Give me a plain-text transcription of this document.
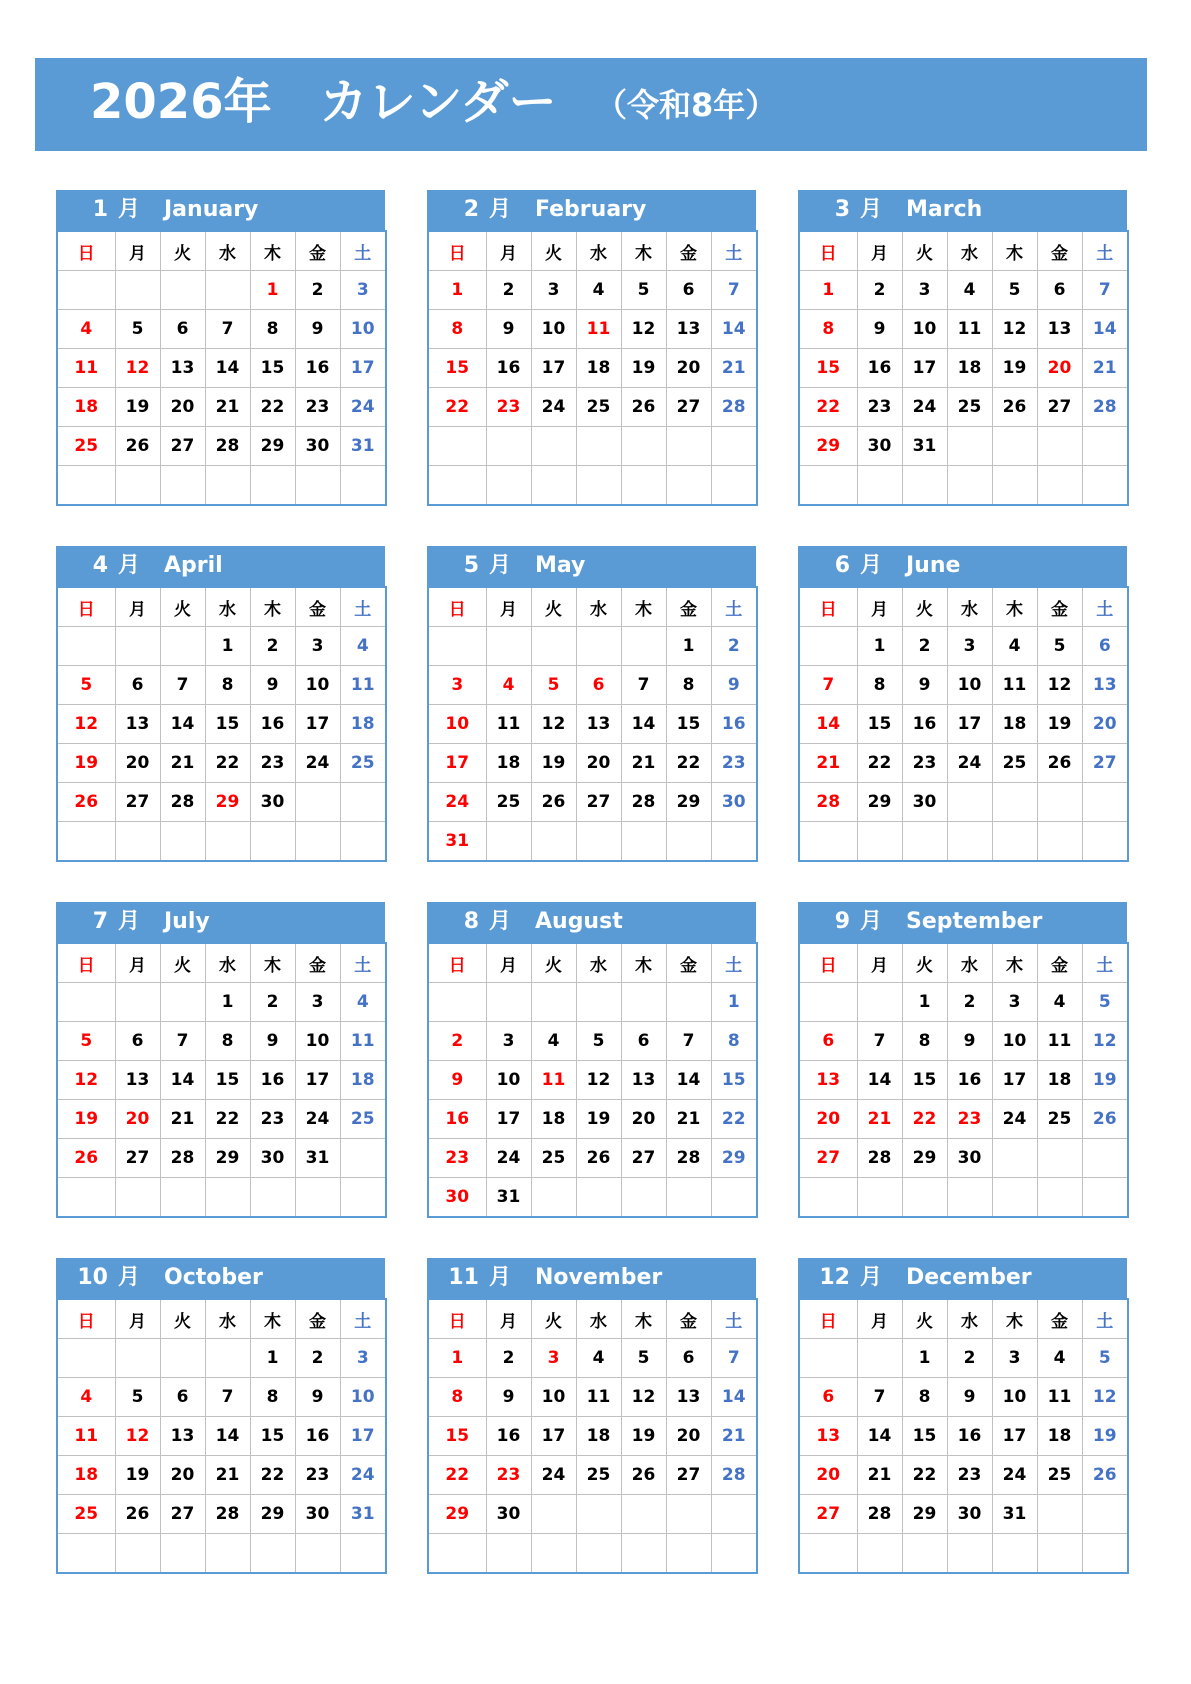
2026年　カレンダー （令和8年）
1 月 January
日	月	火	水	木	金	土
				1	2	3
4	5	6	7	8	9	10
11	12	13	14	15	16	17
18	19	20	21	22	23	24
25	26	27	28	29	30	31

2 月 February
日	月	火	水	木	金	土
1	2	3	4	5	6	7
8	9	10	11	12	13	14
15	16	17	18	19	20	21
22	23	24	25	26	27	28

3 月 March
日	月	火	水	木	金	土
1	2	3	4	5	6	7
8	9	10	11	12	13	14
15	16	17	18	19	20	21
22	23	24	25	26	27	28
29	30	31				

4 月 April
日	月	火	水	木	金	土
			1	2	3	4
5	6	7	8	9	10	11
12	13	14	15	16	17	18
19	20	21	22	23	24	25
26	27	28	29	30		

5 月 May
日	月	火	水	木	金	土
					1	2
3	4	5	6	7	8	9
10	11	12	13	14	15	16
17	18	19	20	21	22	23
24	25	26	27	28	29	30
31						
6 月 June
日	月	火	水	木	金	土
	1	2	3	4	5	6
7	8	9	10	11	12	13
14	15	16	17	18	19	20
21	22	23	24	25	26	27
28	29	30				

7 月 July
日	月	火	水	木	金	土
			1	2	3	4
5	6	7	8	9	10	11
12	13	14	15	16	17	18
19	20	21	22	23	24	25
26	27	28	29	30	31	

8 月 August
日	月	火	水	木	金	土
						1
2	3	4	5	6	7	8
9	10	11	12	13	14	15
16	17	18	19	20	21	22
23	24	25	26	27	28	29
30	31					
9 月 September
日	月	火	水	木	金	土
		1	2	3	4	5
6	7	8	9	10	11	12
13	14	15	16	17	18	19
20	21	22	23	24	25	26
27	28	29	30			

10 月 October
日	月	火	水	木	金	土
				1	2	3
4	5	6	7	8	9	10
11	12	13	14	15	16	17
18	19	20	21	22	23	24
25	26	27	28	29	30	31

11 月 November
日	月	火	水	木	金	土
1	2	3	4	5	6	7
8	9	10	11	12	13	14
15	16	17	18	19	20	21
22	23	24	25	26	27	28
29	30					

12 月 December
日	月	火	水	木	金	土
		1	2	3	4	5
6	7	8	9	10	11	12
13	14	15	16	17	18	19
20	21	22	23	24	25	26
27	28	29	30	31		
